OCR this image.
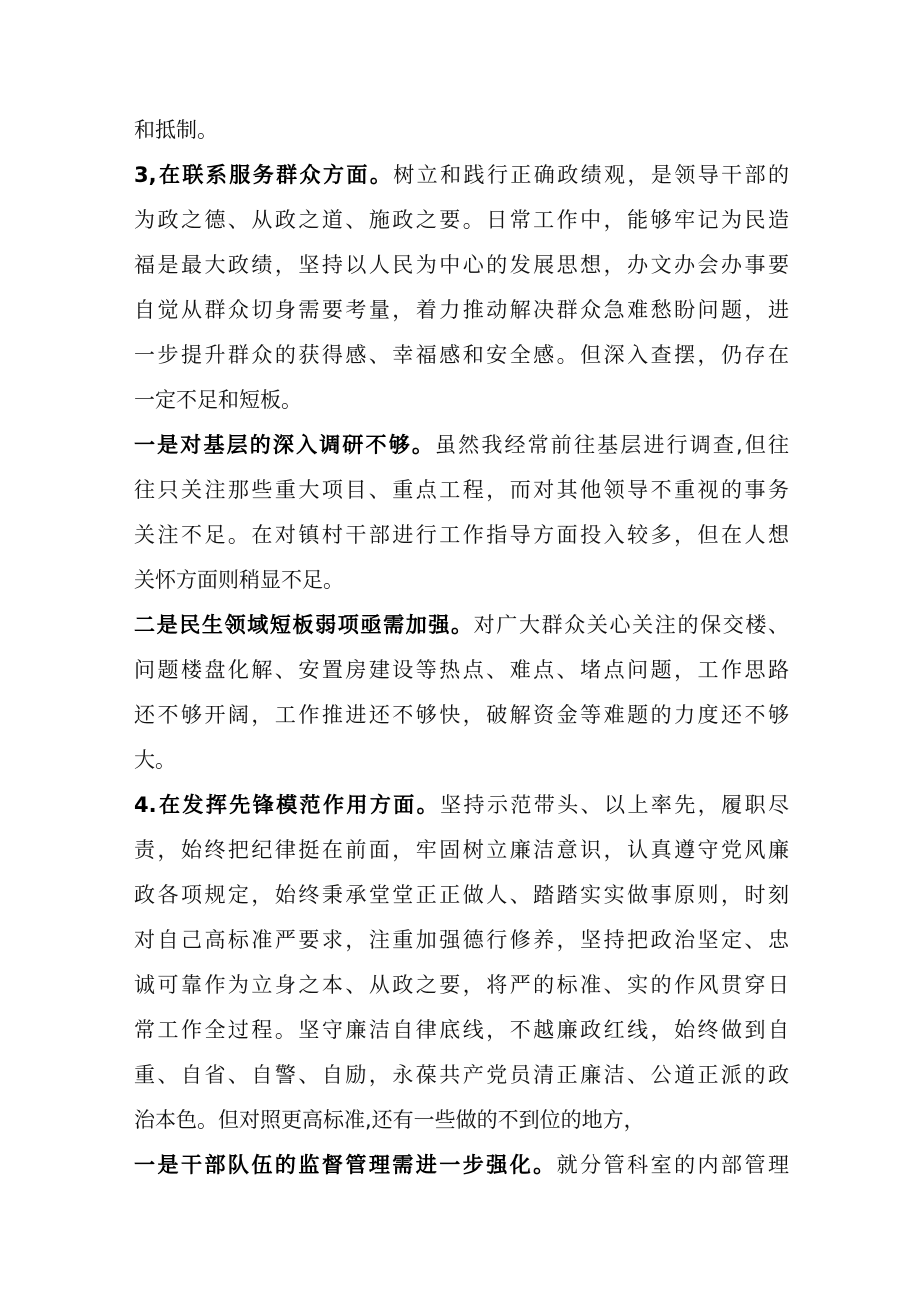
和抵制。
3,在联系服务群众方面。树立和践行正确政绩观，是领导干部的
为政之德、从政之道、施政之要。日常工作中，能够牢记为民造
福是最大政绩，坚持以人民为中心的发展思想，办文办会办事要
自觉从群众切身需要考量，着力推动解决群众急难愁盼问题，进
一步提升群众的获得感、幸福感和安全感。但深入查摆，仍存在
一定不足和短板。
一是对基层的深入调研不够。虽然我经常前往基层进行调查,但往
往只关注那些重大项目、重点工程，而对其他领导不重视的事务
关注不足。在对镇村干部进行工作指导方面投入较多，但在人想
关怀方面则稍显不足。
二是民生领域短板弱项亟需加强。对广大群众关心关注的保交楼、
问题楼盘化解、安置房建设等热点、难点、堵点问题，工作思路
还不够开阔，工作推进还不够快，破解资金等难题的力度还不够
大。
4.在发挥先锋模范作用方面。坚持示范带头、以上率先，履职尽
责，始终把纪律挺在前面，牢固树立廉洁意识，认真遵守党风廉
政各项规定，始终秉承堂堂正正做人、踏踏实实做事原则，时刻
对自己高标准严要求，注重加强德行修养，坚持把政治坚定、忠
诚可靠作为立身之本、从政之要，将严的标准、实的作风贯穿日
常工作全过程。坚守廉洁自律底线，不越廉政红线，始终做到自
重、自省、自警、自励，永葆共产党员清正廉洁、公道正派的政
治本色。但对照更高标准,还有一些做的不到位的地方，
一是干部队伍的监督管理需进一步强化。就分管科室的内部管理
